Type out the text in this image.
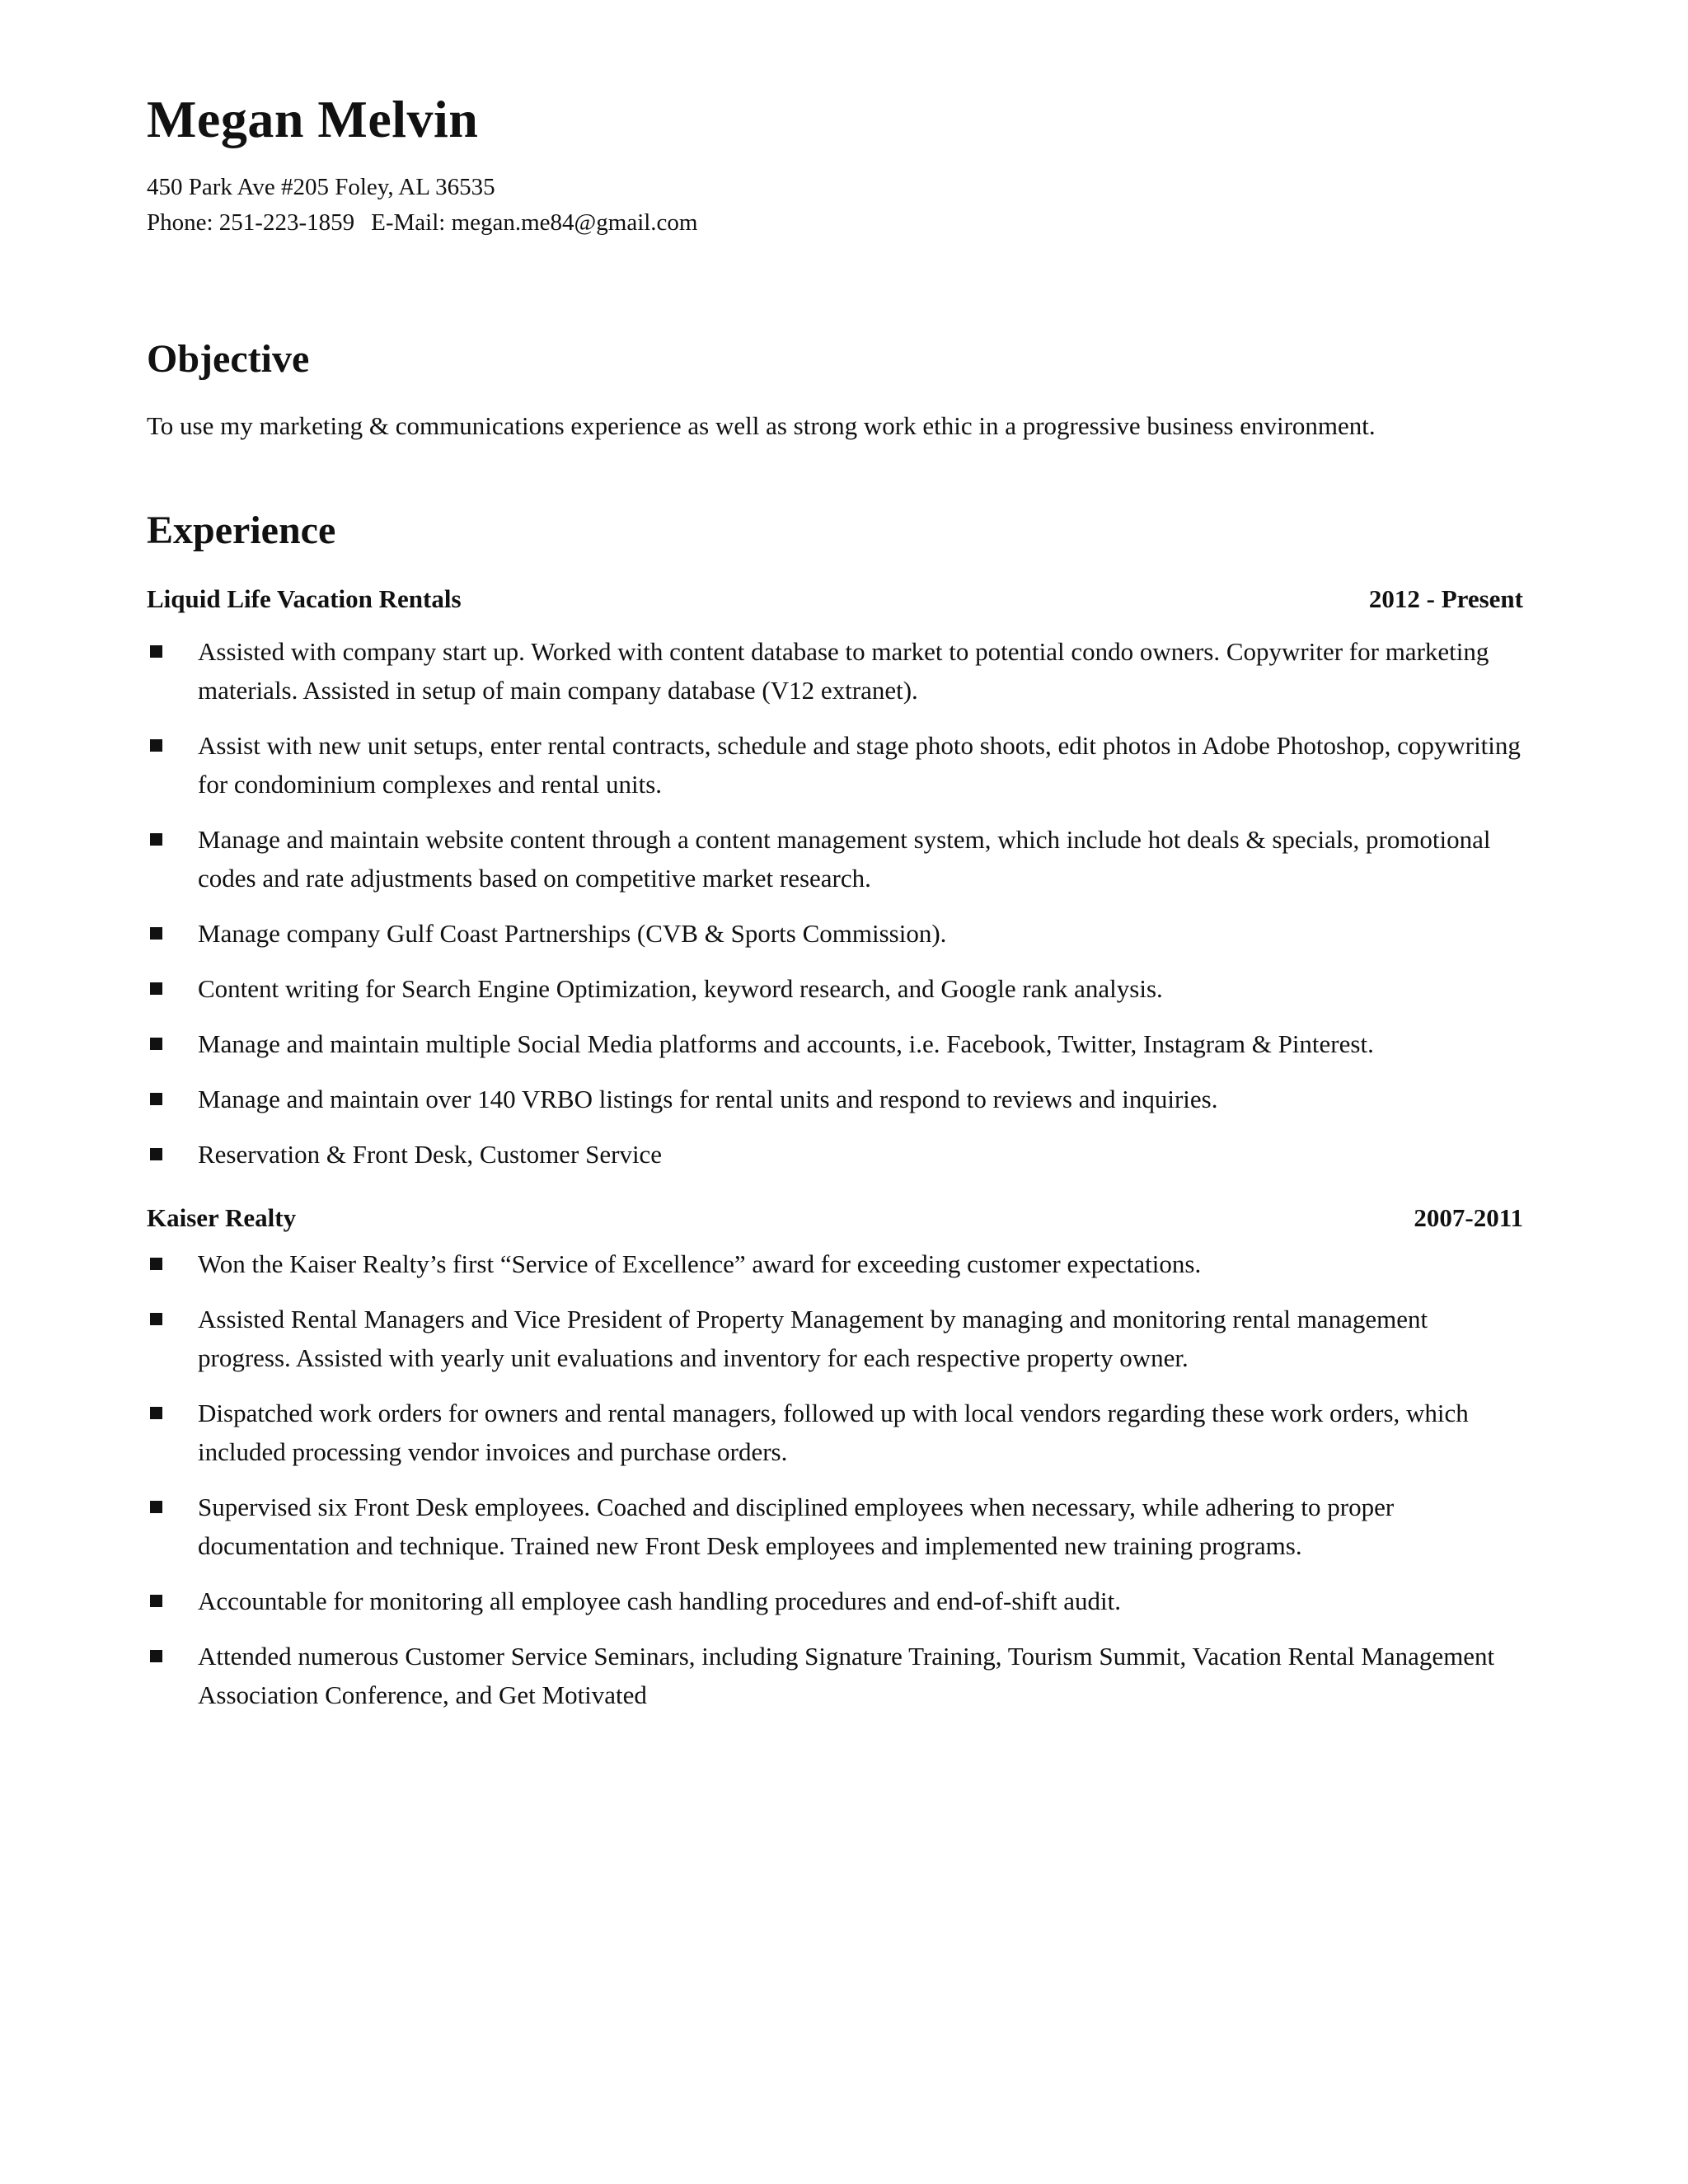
Megan Melvin
450 Park Ave #205 Foley, AL 36535
Phone: 251-223-1859 E-Mail: megan.me84@gmail.com
Objective
To use my marketing & communications experience as well as strong work ethic in a progressive business environment.
Experience
Liquid Life Vacation Rentals	2012 - Present
Assisted with company start up. Worked with content database to market to potential condo owners. Copywriter for marketing materials. Assisted in setup of main company database (V12 extranet).
Assist with new unit setups, enter rental contracts, schedule and stage photo shoots, edit photos in Adobe Photoshop, copywriting for condominium complexes and rental units.
Manage and maintain website content through a content management system, which include hot deals & specials, promotional codes and rate adjustments based on competitive market research.
Manage company Gulf Coast Partnerships (CVB & Sports Commission).
Content writing for Search Engine Optimization, keyword research, and Google rank analysis.
Manage and maintain multiple Social Media platforms and accounts, i.e. Facebook, Twitter, Instagram & Pinterest.
Manage and maintain over 140 VRBO listings for rental units and respond to reviews and inquiries.
Reservation & Front Desk, Customer Service
Kaiser Realty	2007-2011
Won the Kaiser Realty’s first “Service of Excellence” award for exceeding customer expectations.
Assisted Rental Managers and Vice President of Property Management by managing and monitoring rental management progress. Assisted with yearly unit evaluations and inventory for each respective property owner.
Dispatched work orders for owners and rental managers, followed up with local vendors regarding these work orders, which included processing vendor invoices and purchase orders.
Supervised six Front Desk employees. Coached and disciplined employees when necessary, while adhering to proper documentation and technique. Trained new Front Desk employees and implemented new training programs.
Accountable for monitoring all employee cash handling procedures and end-of-shift audit.
Attended numerous Customer Service Seminars, including Signature Training, Tourism Summit, Vacation Rental Management Association Conference, and Get Motivated
